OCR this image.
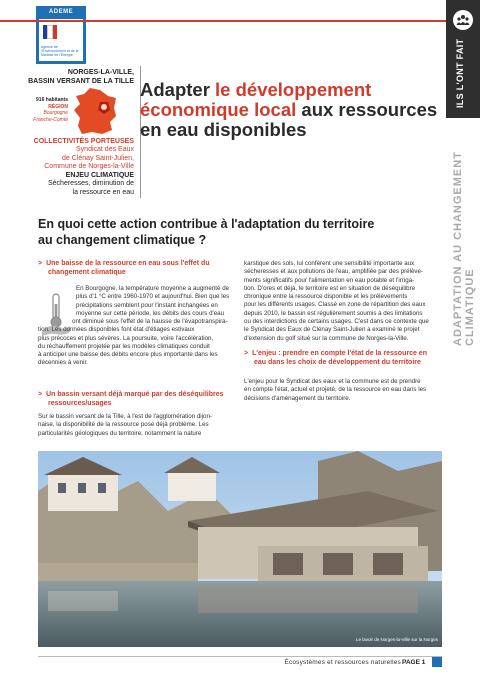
ADEME
Agence de l'Environnement et de la Maîtrise de l'Énergie	ILS L'ONT FAIT
ADAPTATION AU CHANGEMENT CLIMATIQUE
NORGES-LA-VILLE,
BASSIN VERSANT DE LA TILLE
916 habitants
RÉGION
Bourgogne
Franche-Comté
COLLECTIVITÉS PORTEUSES
Syndicat des Eaux
de Clénay Saint-Julien,
Commune de Norges-la-Ville
ENJEU CLIMATIQUE
Sécheresses, diminution de
la ressource en eau
Adapter le développement
économique local aux ressources
en eau disponibles
En quoi cette action contribue à l'adaptation du territoire
au changement climatique ?
> Une baisse de la ressource en eau sous l'effet du
changement climatique
En Bourgogne, la température moyenne a augmenté de
plus d'1 °C entre 1960-1970 et aujourd'hui. Bien que les
précipitations semblent pour l'instant inchangées en
moyenne sur cette période, les débits des cours d'eau
ont diminué sous l'effet de la hausse de l'évapotranspira-
tion. Les données disponibles font état d'étiages estivaux
plus précoces et plus sévères. La poursuite, voire l'accélération,
du réchauffement projetée par les modèles climatiques conduit
à anticiper une baisse des débits encore plus importante dans les
décennies à venir.
> Un bassin versant déjà marqué par des déséquilibres
ressources/usages
Sur le bassin versant de la Tille, à l'est de l'agglomération dijon-
naise, la disponibilité de la ressource pose déjà problème. Les
particularités géologiques du territoire, notamment la nature
karstique des sols, lui confèrent une sensibilité importante aux
sécheresses et aux pollutions de l'eau, amplifiée par des prélève-
ments significatifs pour l'alimentation en eau potable et l'irriga-
tion. D'ores et déjà, le territoire est en situation de déséquilibre
chronique entre la ressource disponible et les prélèvements
pour les différents usages. Classé en zone de répartition des eaux
depuis 2010, le bassin est régulièrement soumis à des limitations
ou des interdictions de certains usages. C'est dans ce contexte que
le Syndicat des Eaux de Clénay Saint-Julien a examiné le projet
d'extension du golf situé sur la commune de Norges-la-Ville.
> L'enjeu : prendre en compte l'état de la ressource en
eau dans les choix de développement du territoire
L'enjeu pour le Syndicat des eaux et la commune est de prendre
en compte l'état, actuel et projeté, de la ressource en eau dans les
décisions d'aménagement du territoire.
Le lavoir de Norges-la-Ville sur la Norges
Écosystèmes et ressources naturelles PAGE 1
